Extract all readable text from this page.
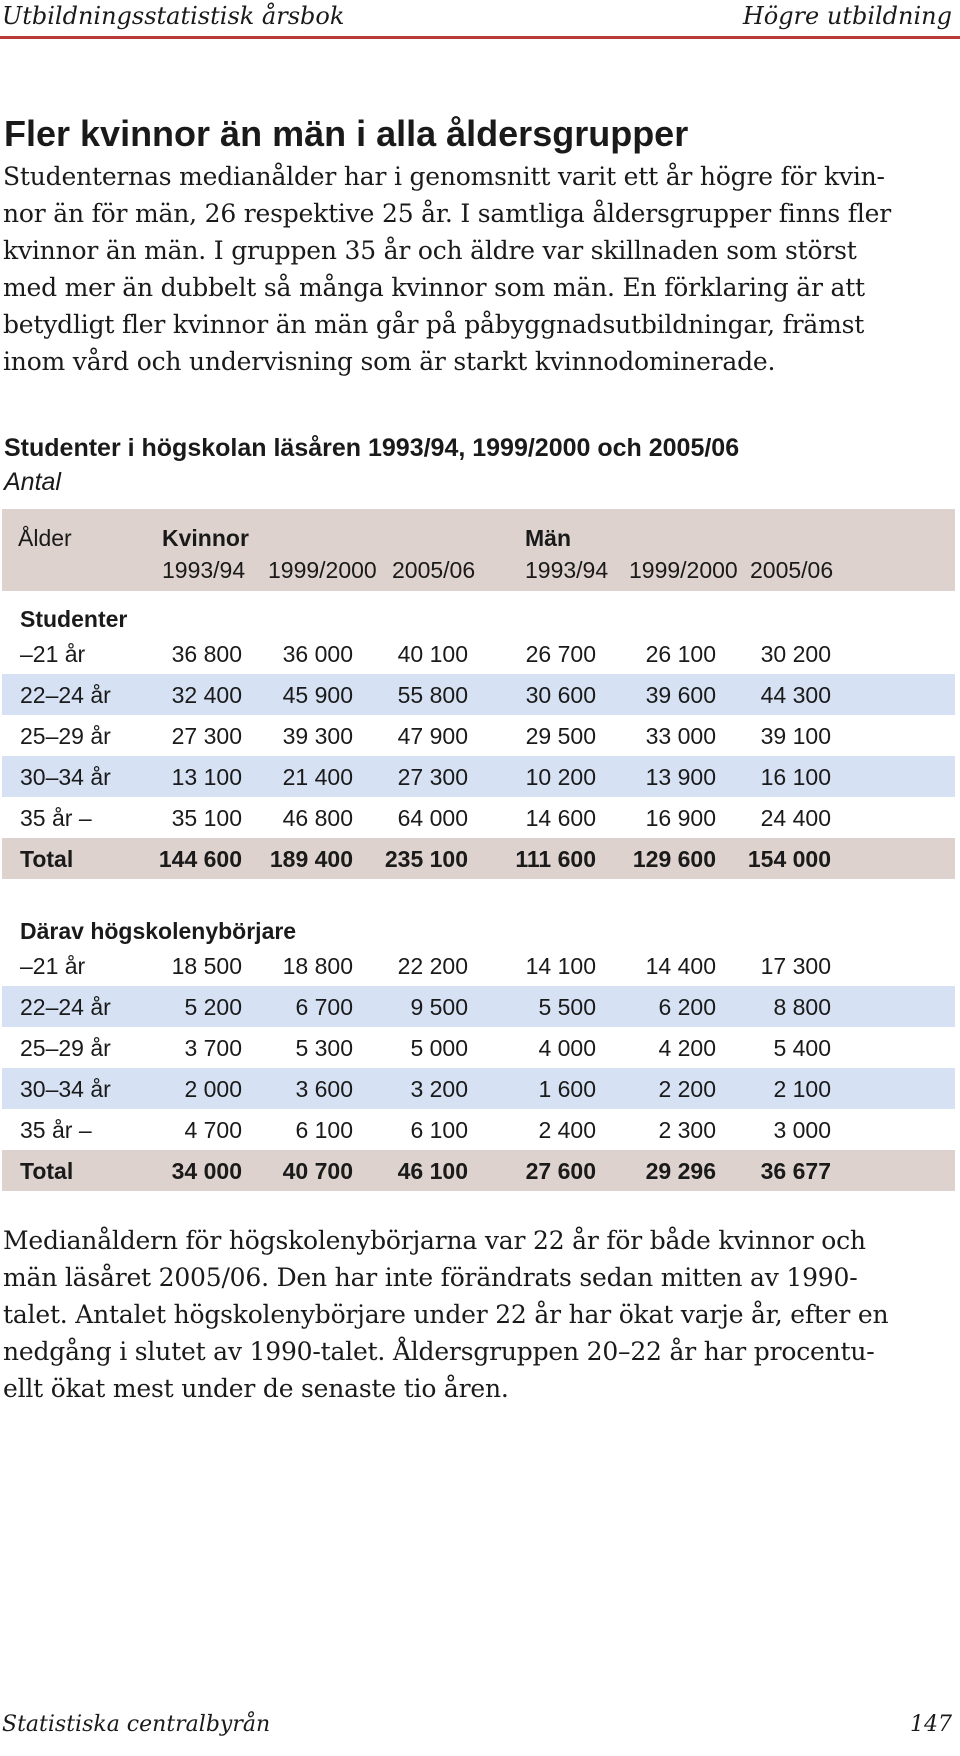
Utbildningsstatistisk årsbok	Högre utbildning
Fler kvinnor än män i alla åldersgrupper

Studenternas medianålder har i genomsnitt varit ett år högre för kvin-
nor än för män, 26 respektive 25 år. I samtliga åldersgrupper finns fler
kvinnor än män. I gruppen 35 år och äldre var skillnaden som störst
med mer än dubbelt så många kvinnor som män. En förklaring är att
betydligt fler kvinnor än män går på påbyggnadsutbildningar, främst
inom vård och undervisning som är starkt kvinnodominerade.

Studenter i högskolan läsåren 1993/94, 1999/2000 och 2005/06
Antal
Ålder	Kvinnor	Män
1993/94 1999/2000 2005/06 1993/94 1999/2000 2005/06
Studenter
–21 år	36 800	36 000	40 100	26 700	26 100	30 200
22–24 år	32 400	45 900	55 800	30 600	39 600	44 300
25–29 år	27 300	39 300	47 900	29 500	33 000	39 100
30–34 år	13 100	21 400	27 300	10 200	13 900	16 100
35 år –	35 100	46 800	64 000	14 600	16 900	24 400
Total	144 600	189 400	235 100	111 600	129 600	154 000
Därav högskolenybörjare
–21 år	18 500	18 800	22 200	14 100	14 400	17 300
22–24 år	5 200	6 700	9 500	5 500	6 200	8 800
25–29 år	3 700	5 300	5 000	4 000	4 200	5 400
30–34 år	2 000	3 600	3 200	1 600	2 200	2 100
35 år –	4 700	6 100	6 100	2 400	2 300	3 000
Total	34 000	40 700	46 100	27 600	29 296	36 677

Medianåldern för högskolenybörjarna var 22 år för både kvinnor och
män läsåret 2005/06. Den har inte förändrats sedan mitten av 1990-
talet. Antalet högskolenybörjare under 22 år har ökat varje år, efter en
nedgång i slutet av 1990-talet. Åldersgruppen 20–22 år har procentu-
ellt ökat mest under de senaste tio åren.

Statistiska centralbyrån	147
